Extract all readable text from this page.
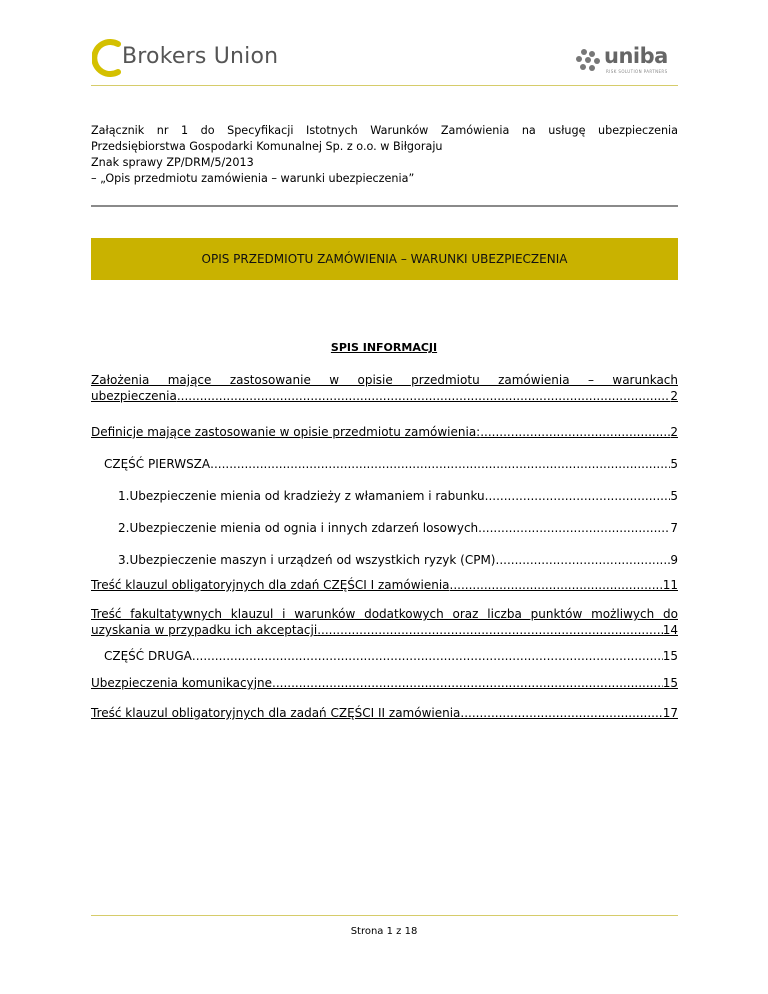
Brokers Union	uniba
RISK SOLUTION PARTNERS
Załącznik nr 1 do Specyfikacji Istotnych Warunków Zamówienia na usługę ubezpieczenia
Przedsiębiorstwa Gospodarki Komunalnej Sp. z o.o. w Biłgoraju
Znak sprawy ZP/DRM/5/2013
– „Opis przedmiotu zamówienia – warunki ubezpieczenia”
OPIS PRZEDMIOTU ZAMÓWIENIA – WARUNKI UBEZPIECZENIA
SPIS INFORMACJI
Założenia mające zastosowanie w opisie przedmiotu zamówienia – warunkach
ubezpieczenia .....	2
Definicje mające zastosowanie w opisie przedmiotu zamówienia: .....	2
CZĘŚĆ PIERWSZA .....	5
1. Ubezpieczenie mienia od kradzieży z włamaniem i rabunku .....	5
2. Ubezpieczenie mienia od ognia i innych zdarzeń losowych .....	7
3. Ubezpieczenie maszyn i urządzeń od wszystkich ryzyk (CPM) .....	9
Treść klauzul obligatoryjnych dla zdań CZĘŚCI I zamówienia .....	11
Treść fakultatywnych klauzul i warunków dodatkowych oraz liczba punktów możliwych do
uzyskania w przypadku ich akceptacji .....	14
CZĘŚĆ DRUGA .....	15
Ubezpieczenia komunikacyjne .....	15
Treść klauzul obligatoryjnych dla zadań CZĘŚCI II zamówienia .....	17
Strona 1 z 18
